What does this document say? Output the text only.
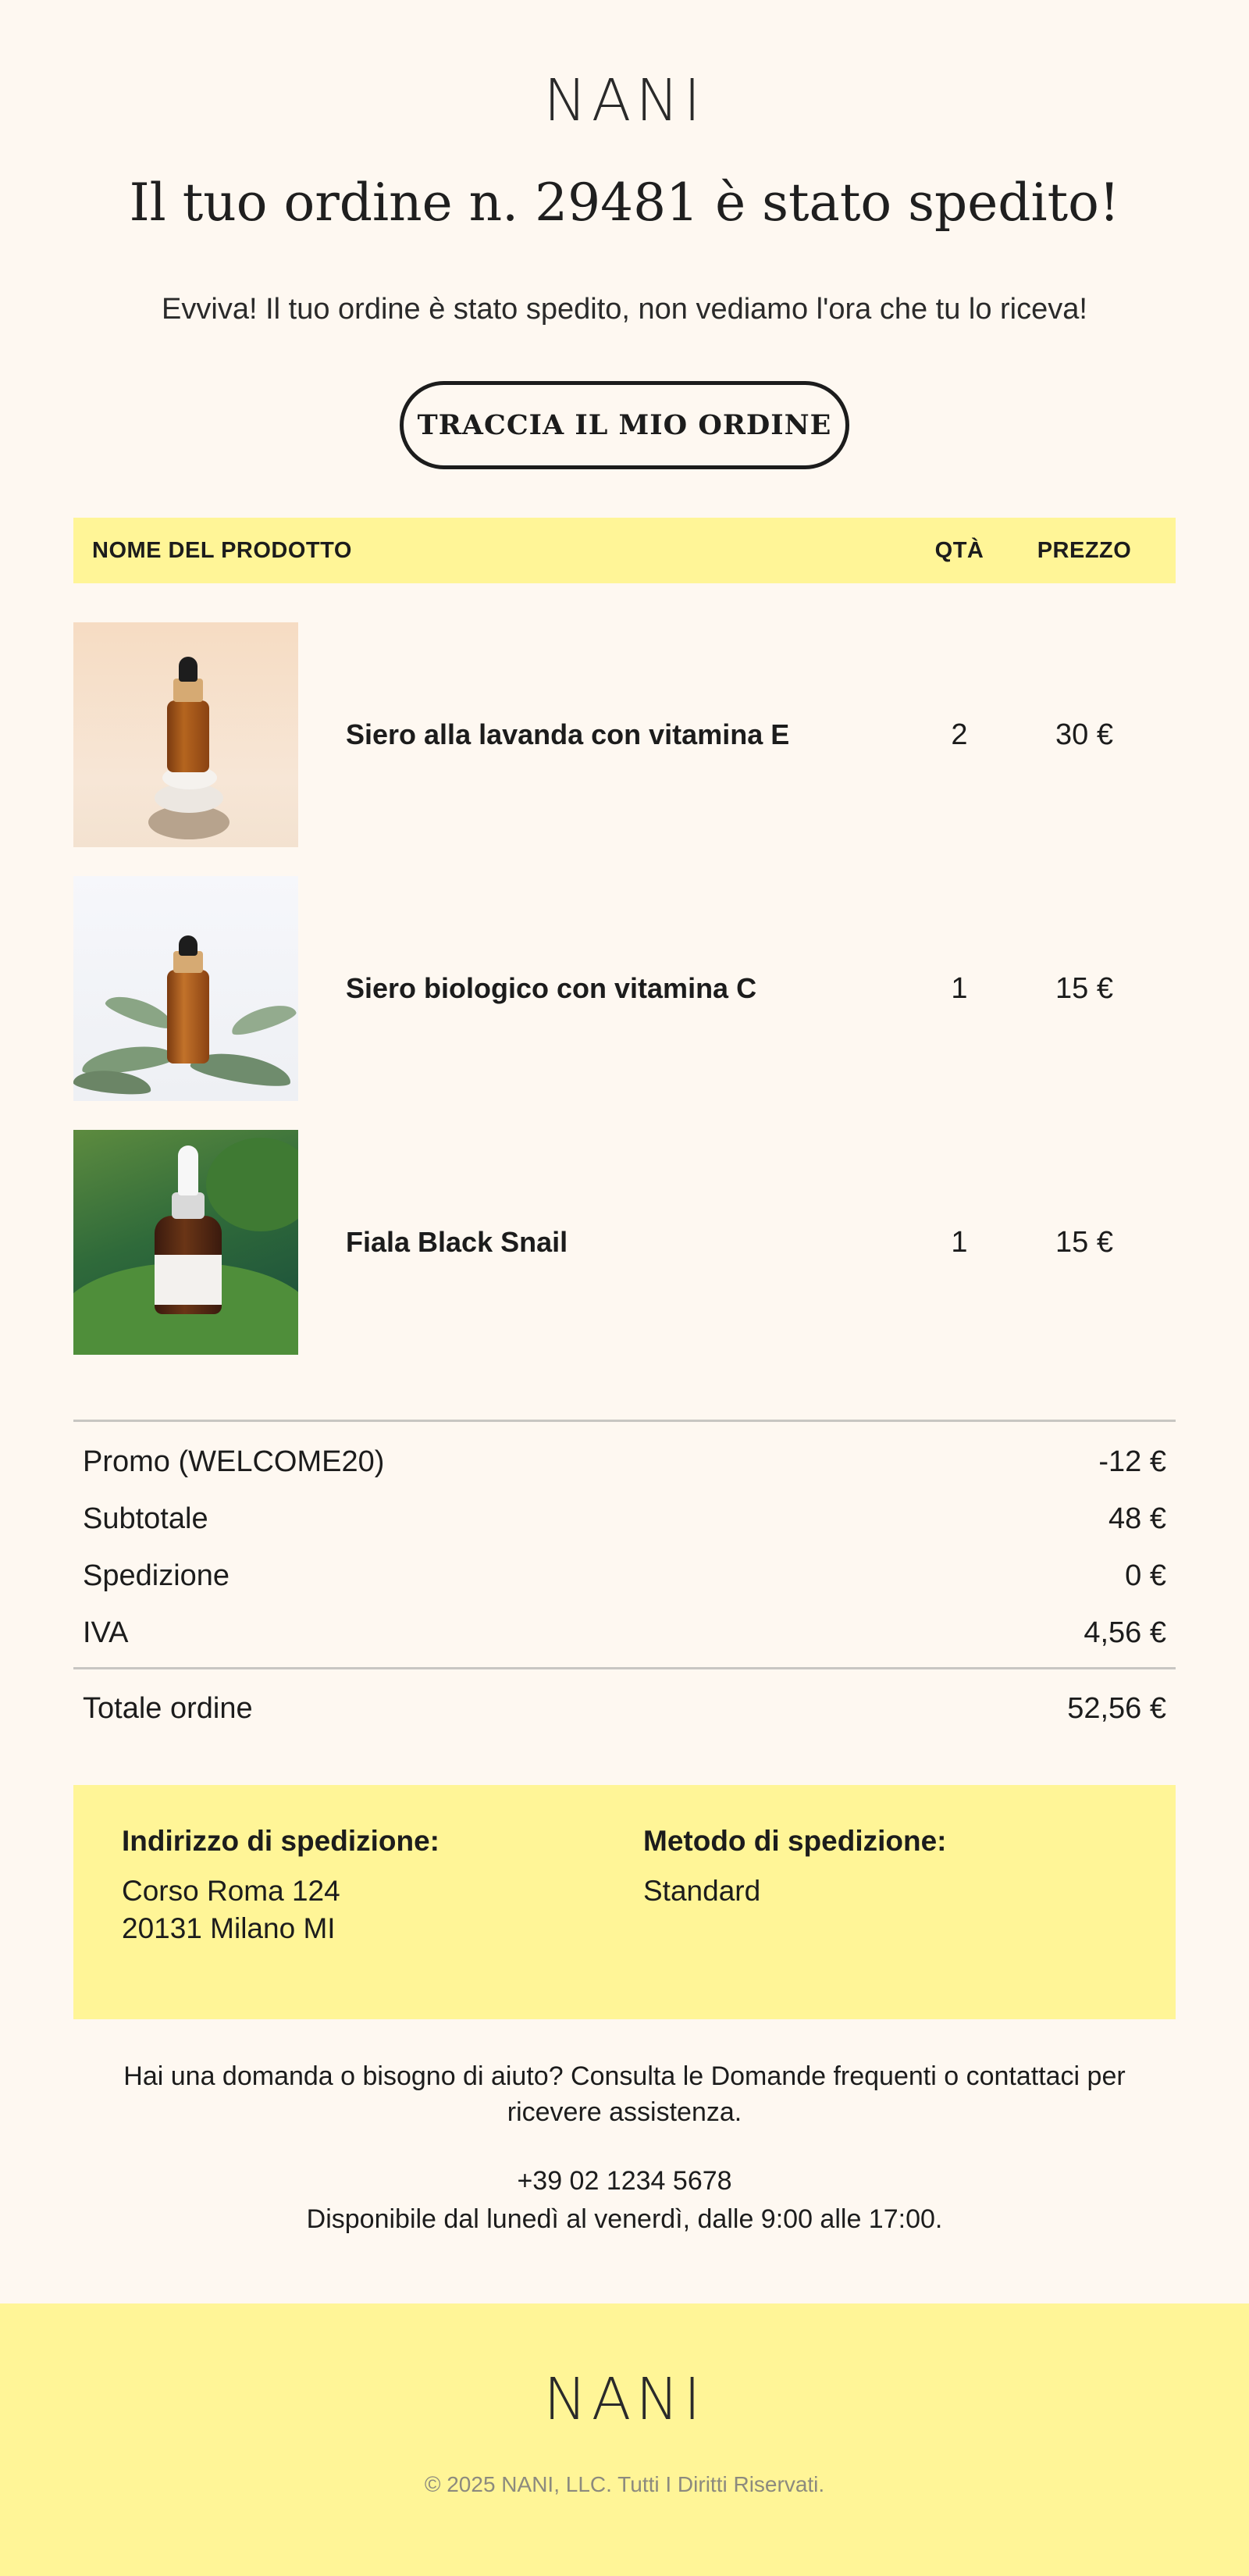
NANI
Il tuo ordine n. 29481 è stato spedito!

Evviva! Il tuo ordine è stato spedito, non vediamo l'ora che tu lo riceva!

TRACCIA IL MIO ORDINE
NOME DEL PRODOTTO	QTÀ	PREZZO
Siero alla lavanda con vitamina E	2	30 €
Siero biologico con vitamina C	1	15 €
Fiala Black Snail	1	15 €
Promo (WELCOME20)	-12 €
Subtotale	48 €
Spedizione	0 €
IVA	4,56 €
Totale ordine	52,56 €
Indirizzo di spedizione:
Corso Roma 124
20131 Milano MI
Metodo di spedizione:
Standard

Hai una domanda o bisogno di aiuto? Consulta le Domande frequenti o contattaci per ricevere assistenza.

+39 02 1234 5678

Disponibile dal lunedì al venerdì, dalle 9:00 alle 17:00.

NANI
© 2025 NANI, LLC. Tutti I Diritti Riservati.
